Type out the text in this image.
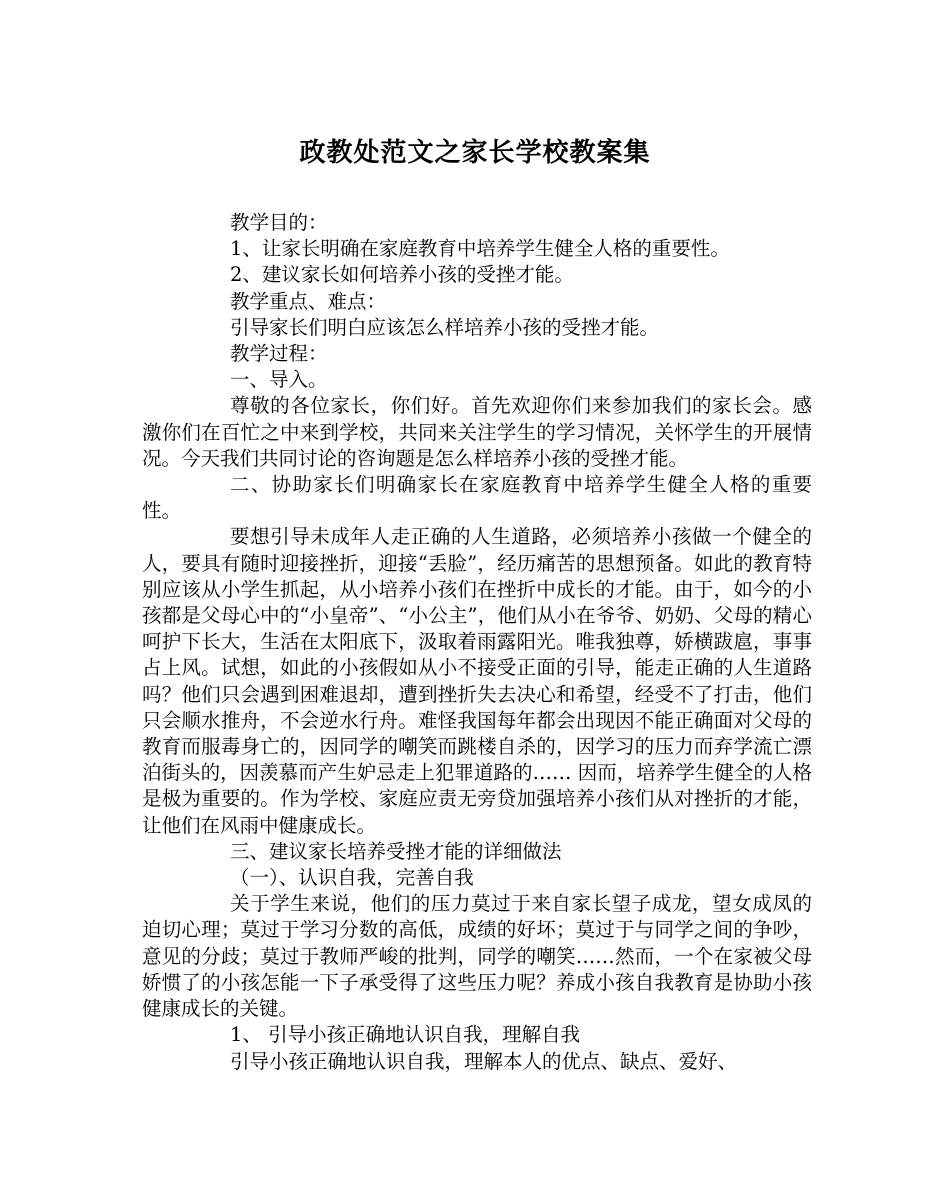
政教处范文之家长学校教案集

教学目的：

1、让家长明确在家庭教育中培养学生健全人格的重要性。

2、建议家长如何培养小孩的受挫才能。

教学重点、难点：

引导家长们明白应该怎么样培养小孩的受挫才能。

教学过程：

一、导入。

尊敬的各位家长，你们好。首先欢迎你们来参加我们的家长会。感激你们在百忙之中来到学校，共同来关注学生的学习情况，关怀学生的开展情况。今天我们共同讨论的咨询题是怎么样培养小孩的受挫才能。

二、协助家长们明确家长在家庭教育中培养学生健全人格的重要性。

要想引导未成年人走正确的人生道路，必须培养小孩做一个健全的人，要具有随时迎接挫折，迎接“丢脸”，经历痛苦的思想预备。如此的教育特别应该从小学生抓起，从小培养小孩们在挫折中成长的才能。由于，如今的小孩都是父母心中的“小皇帝”、“小公主”，他们从小在爷爷、奶奶、父母的精心呵护下长大，生活在太阳底下，汲取着雨露阳光。唯我独尊，娇横跋扈，事事占上风。试想，如此的小孩假如从小不接受正面的引导，能走正确的人生道路吗？他们只会遇到困难退却，遭到挫折失去决心和希望，经受不了打击，他们只会顺水推舟，不会逆水行舟。难怪我国每年都会出现因不能正确面对父母的教育而服毒身亡的，因同学的嘲笑而跳楼自杀的，因学习的压力而弃学流亡漂泊街头的，因羡慕而产生妒忌走上犯罪道路的…… 因而，培养学生健全的人格是极为重要的。作为学校、家庭应责无旁贷加强培养小孩们从对挫折的才能，让他们在风雨中健康成长。

三、建议家长培养受挫才能的详细做法

（一）、认识自我，完善自我

关于学生来说，他们的压力莫过于来自家长望子成龙，望女成凤的迫切心理；莫过于学习分数的高低，成绩的好坏；莫过于与同学之间的争吵，意见的分歧；莫过于教师严峻的批判，同学的嘲笑……然而，一个在家被父母娇惯了的小孩怎能一下子承受得了这些压力呢？养成小孩自我教育是协助小孩健康成长的关键。

1、 引导小孩正确地认识自我，理解自我

引导小孩正确地认识自我，理解本人的优点、缺点、爱好、
